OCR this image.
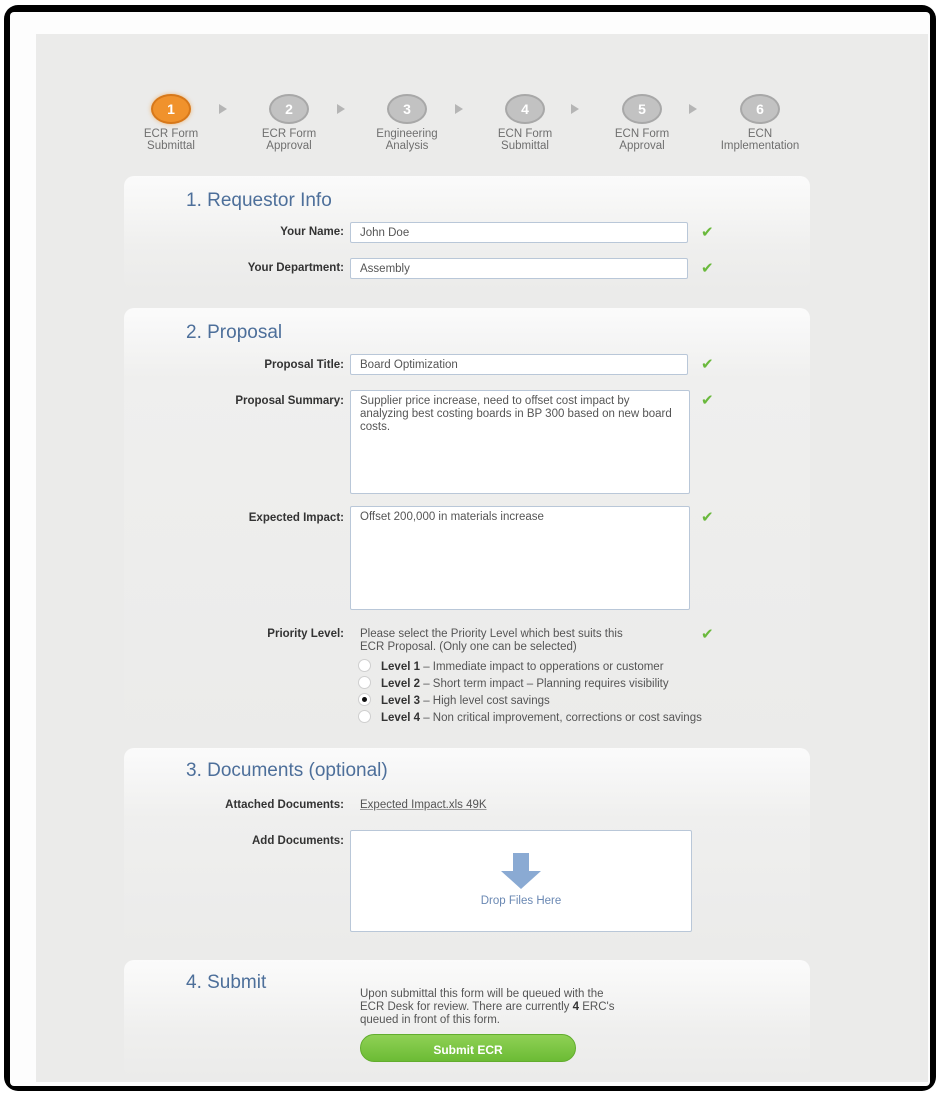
1
ECR Form
Submittal
2
ECR Form
Approval
3
Engineering
Analysis
4
ECN Form
Submittal
5
ECN Form
Approval
6
ECN
Implementation
1. Requestor Info
Your Name:
John Doe	✔
Your Department:
Assembly	✔
2. Proposal
Proposal Title:
Board Optimization	✔
Proposal Summary:
Supplier price increase, need to offset cost impact by analyzing best costing boards in BP 300 based on new board costs.	✔
Expected Impact:
Offset 200,000 in materials increase	✔
Priority Level: Please select the Priority Level which best suits this
ECR Proposal. (Only one can be selected)
✔
Level 1 – Immediate impact to opperations or customer
Level 2 – Short term impact – Planning requires visibility
Level 3 – High level cost savings
Level 4 – Non critical improvement, corrections or cost savings
3. Documents (optional)
Attached Documents: Expected Impact.xls 49K
Add Documents:
Drop Files Here
4. Submit
Upon submittal this form will be queued with the
ECR Desk for review. There are currently 4 ERC's
queued in front of this form.
Submit ECR
